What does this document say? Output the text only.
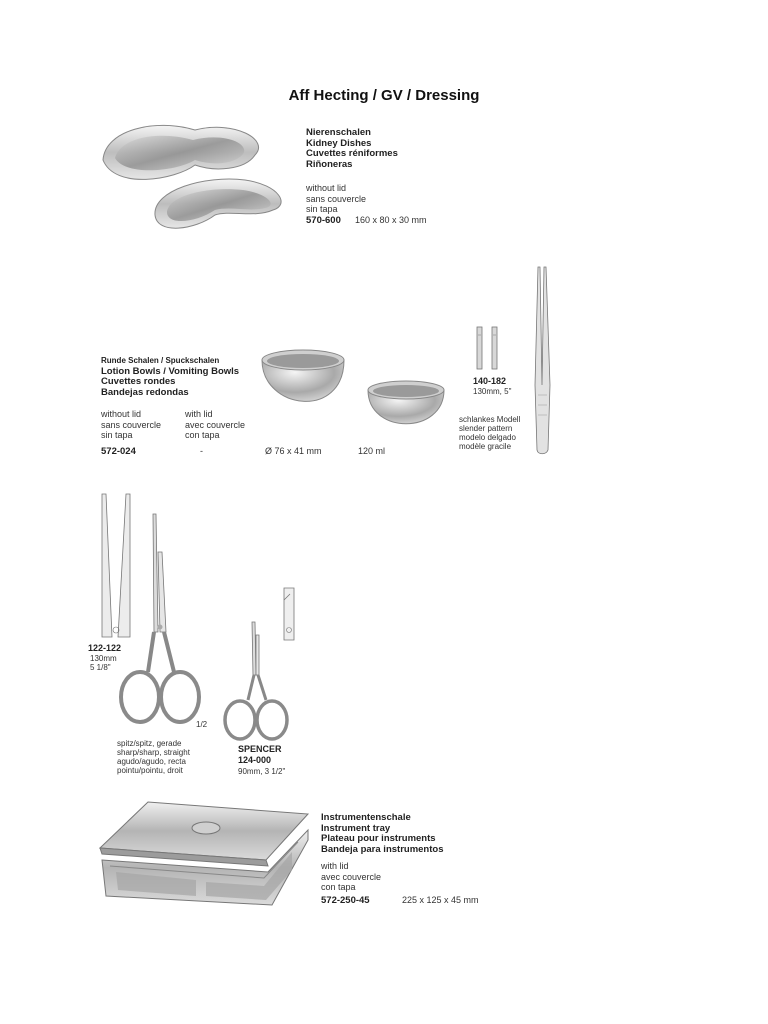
Aff Hecting / GV / Dressing
Nierenschalen
Kidney Dishes
Cuvettes réniformes
Riñoneras
without lid
sans couvercle
sin tapa
570-600 160 x 80 x 30 mm
Runde Schalen / Spuckschalen
Lotion Bowls / Vomiting Bowls
Cuvettes rondes
Bandejas redondas
without lid
sans couvercle
sin tapa
with lid
avec couvercle
con tapa
572-024	-	Ø 76 x 41 mm	120 ml
140-182
130mm, 5"
schlankes Modell
slender pattern
modelo delgado
modèle gracile
122-122
130mm
5 1/8"
1/2
spitz/spitz, gerade
sharp/sharp, straight
agudo/agudo, recta
pointu/pointu, droit
SPENCER
124-000
90mm, 3 1/2"
Instrumentenschale
Instrument tray
Plateau pour instruments
Bandeja para instrumentos
with lid
avec couvercle
con tapa
572-250-45	225 x 125 x 45 mm
